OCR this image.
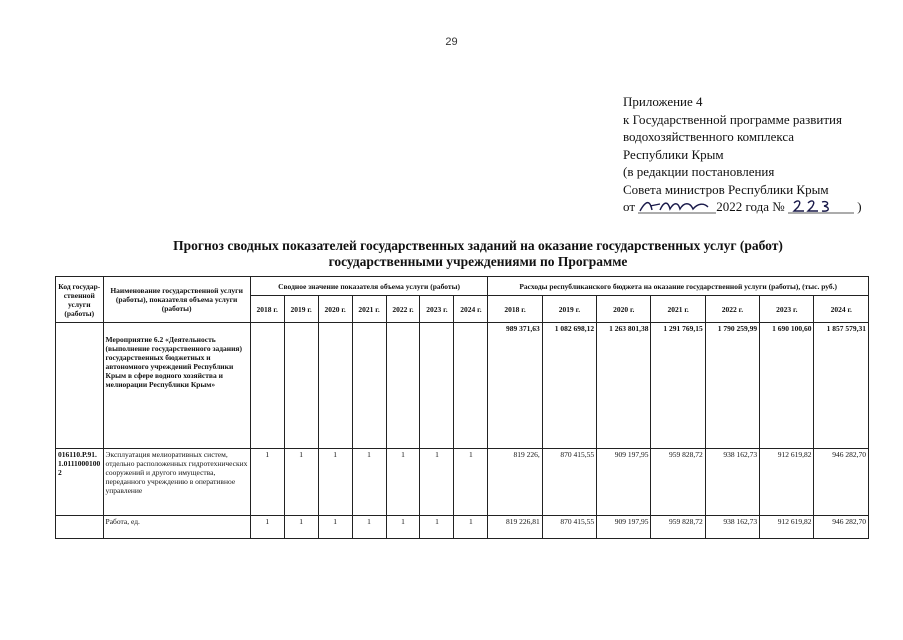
29
Приложение 4
к Государственной программе развития
водохозяйственного комплекса
Республики Крым
(в редакции постановления
Совета министров Республики Крым
от	2022 года №	)
Прогноз сводных показателей государственных заданий на оказание государственных услуг (работ) государственными учреждениями по Программе
Код государ-ственной услуги (работы)	Наименование государственной услуги (работы), показателя объема услуги (работы)	Сводное значение показателя объема услуги (работы)							Расходы республиканского бюджета на оказание государственной услуги (работы), (тыс. руб.)						
		2018 г.	2019 г.	2020 г.	2021 г.	2022 г.	2023 г.	2024 г.	2018 г.	2019 г.	2020 г.	2021 г.	2022 г.	2023 г.	2024 г.
	Мероприятие 6.2 «Деятельность (выполнение государственного задания) государственных бюджетных и автономного учреждений Республики Крым в сфере водного хозяйства и мелиорации Республики Крым»								989 371,63	1 082 698,12	1 263 801,38	1 291 769,15	1 790 259,99	1 690 100,60	1 857 579,31
016110.Р.91.1.01110001002	Эксплуатация мелиоративных систем, отдельно расположенных гидротехнических сооружений и другого имущества, переданного учреждению в оперативное управление	1	1	1	1	1	1	1	819 226,	870 415,55	909 197,95	959 828,72	938 162,73	912 619,82	946 282,70
	Работа, ед.	1	1	1	1	1	1	1	819 226,81	870 415,55	909 197,95	959 828,72	938 162,73	912 619,82	946 282,70
